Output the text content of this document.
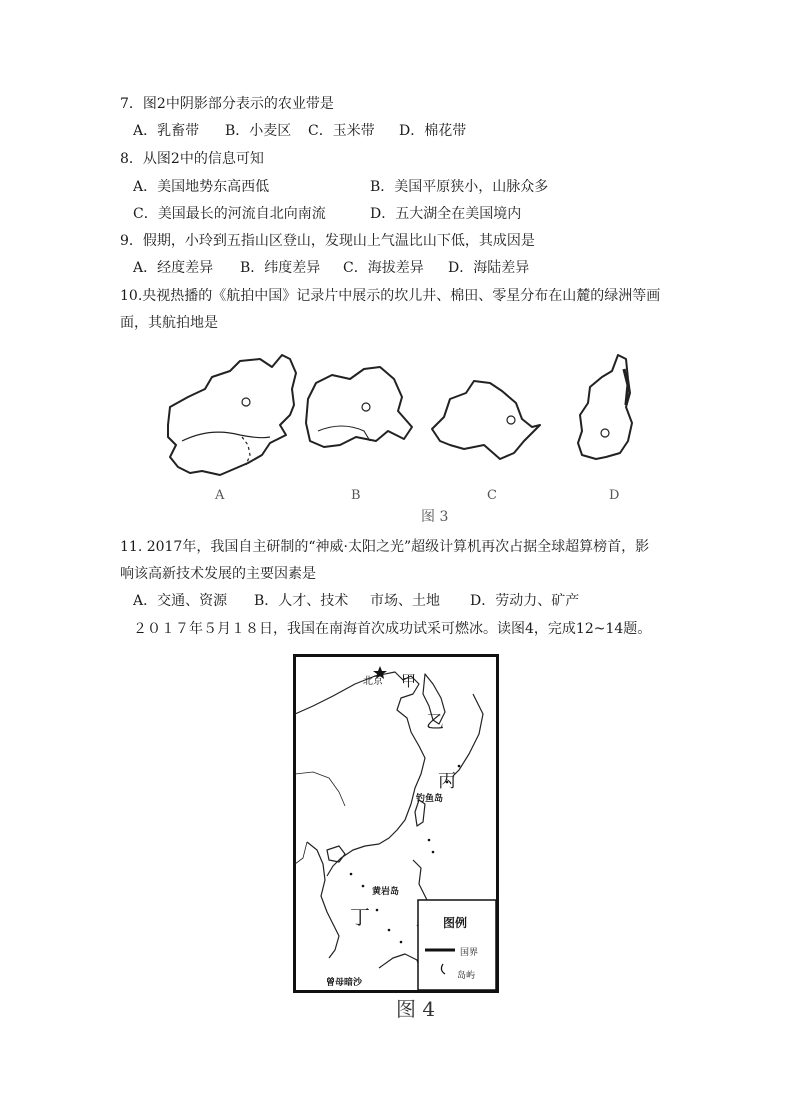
7．图2中阴影部分表示的农业带是
A．乳畜带 B．小麦区 C．玉米带 D．棉花带
8．从图2中的信息可知
A．美国地势东高西低	B．美国平原狭小，山脉众多
C．美国最长的河流自北向南流	D．五大湖全在美国境内
9．假期，小玲到五指山区登山，发现山上气温比山下低，其成因是
A．经度差异 B．纬度差异 C．海拔差异 D．海陆差异
10.央视热播的《航拍中国》记录片中展示的坎儿井、棉田、零星分布在山麓的绿洲等画
面，其航拍地是
A	B	C	D
图 3
11. 2017年，我国自主研制的“神威·太阳之光”超级计算机再次占据全球超算榜首，影
响该高新技术发展的主要因素是
A．交通、资源 B．人才、技术 市场、土地 D．劳动力、矿产
２０１７年５月１８日，我国在南海首次成功试采可燃冰。读图4，完成12~14题。
北京 甲
乙
丙
钓鱼岛
黄岩岛
丁
曾母暗沙
图例
国界
岛屿
图 4
